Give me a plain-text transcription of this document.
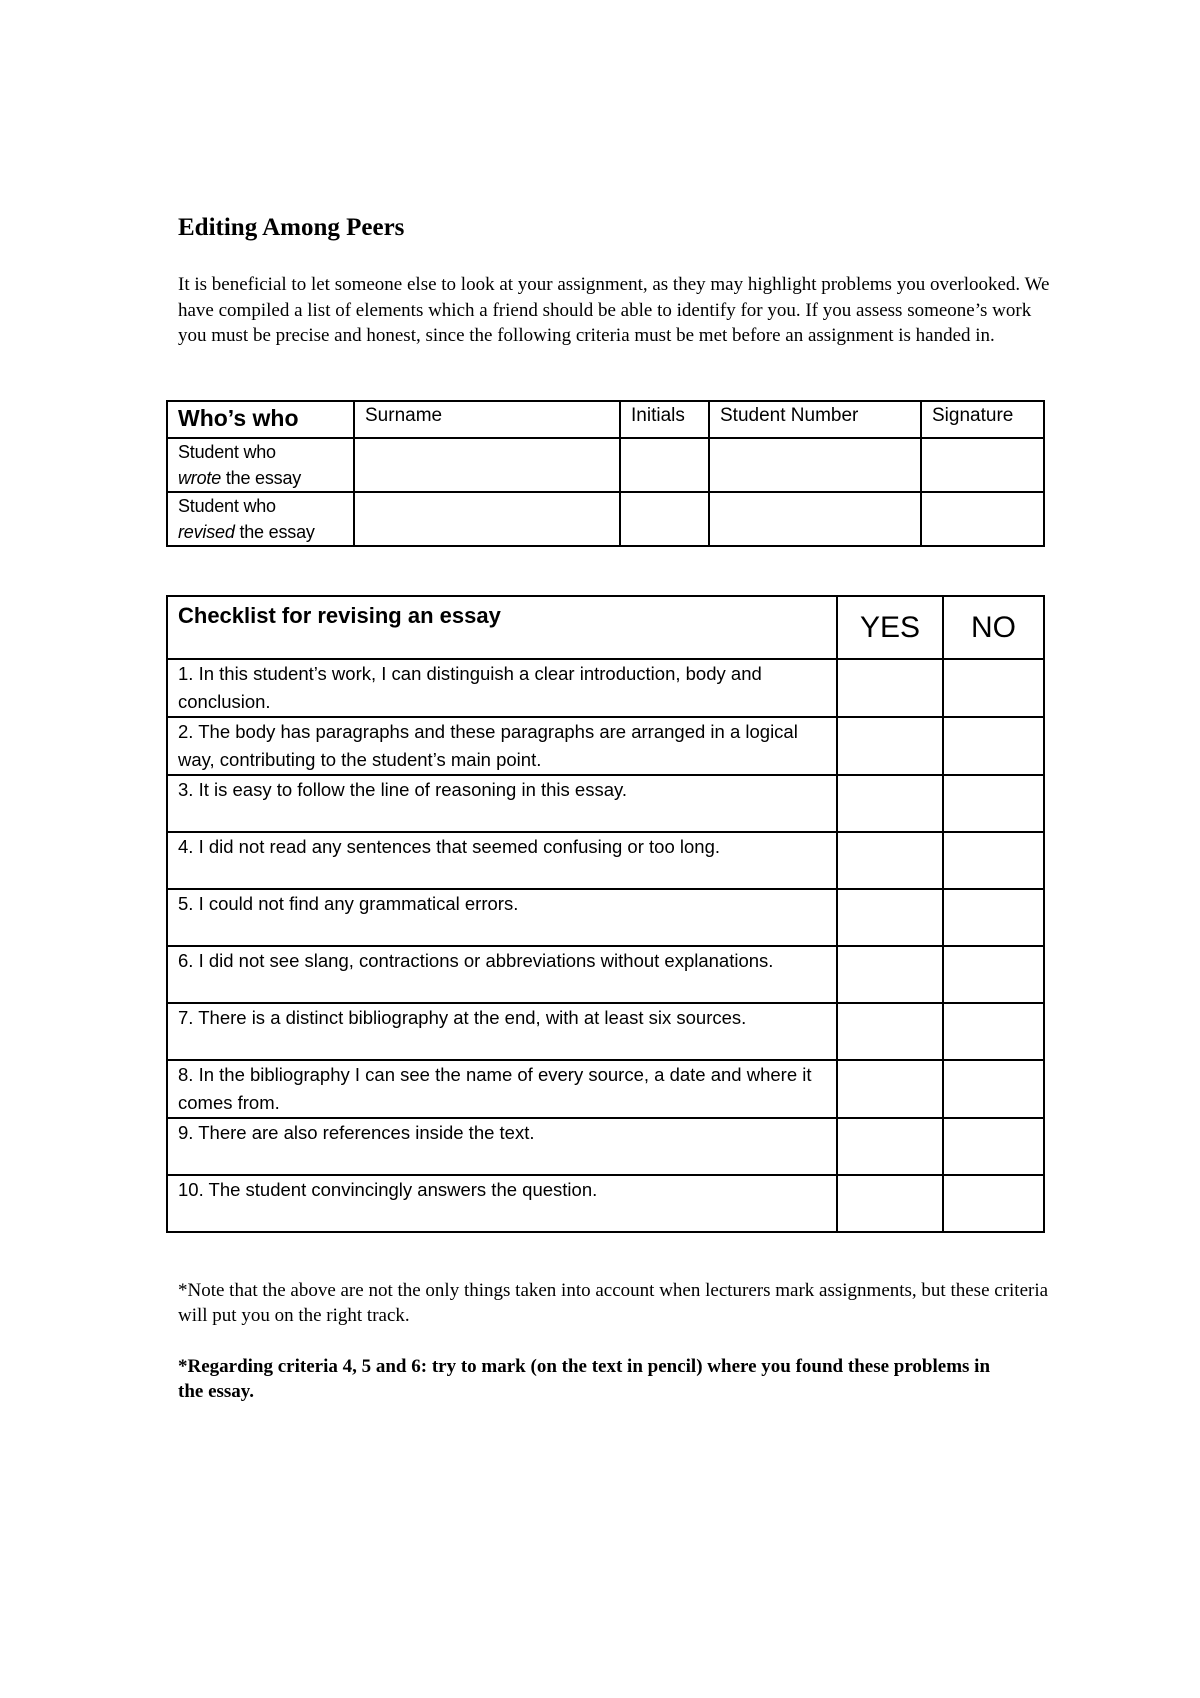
Editing Among Peers

It is beneficial to let someone else to look at your assignment, as they may highlight problems you overlooked. We have compiled a list of elements which a friend should be able to identify for you. If you assess someone’s work you must be precise and honest, since the following criteria must be met before an assignment is handed in.

Who’s who	Surname	Initials	Student Number	Signature
Student who
wrote the essay				
Student who
revised the essay				
Checklist for revising an essay	YES	NO
1. In this student’s work, I can distinguish a clear introduction, body and conclusion.		
2. The body has paragraphs and these paragraphs are arranged in a logical way, contributing to the student’s main point.		
3. It is easy to follow the line of reasoning in this essay.		
4. I did not read any sentences that seemed confusing or too long.		
5. I could not find any grammatical errors.		
6. I did not see slang, contractions or abbreviations without explanations.		
7. There is a distinct bibliography at the end, with at least six sources.		
8. In the bibliography I can see the name of every source, a date and where it comes from.		
9. There are also references inside the text.		
10. The student convincingly answers the question.		

*Note that the above are not the only things taken into account when lecturers mark assignments, but these criteria will put you on the right track.

*Regarding criteria 4, 5 and 6: try to mark (on the text in pencil) where you found these problems in the essay.
